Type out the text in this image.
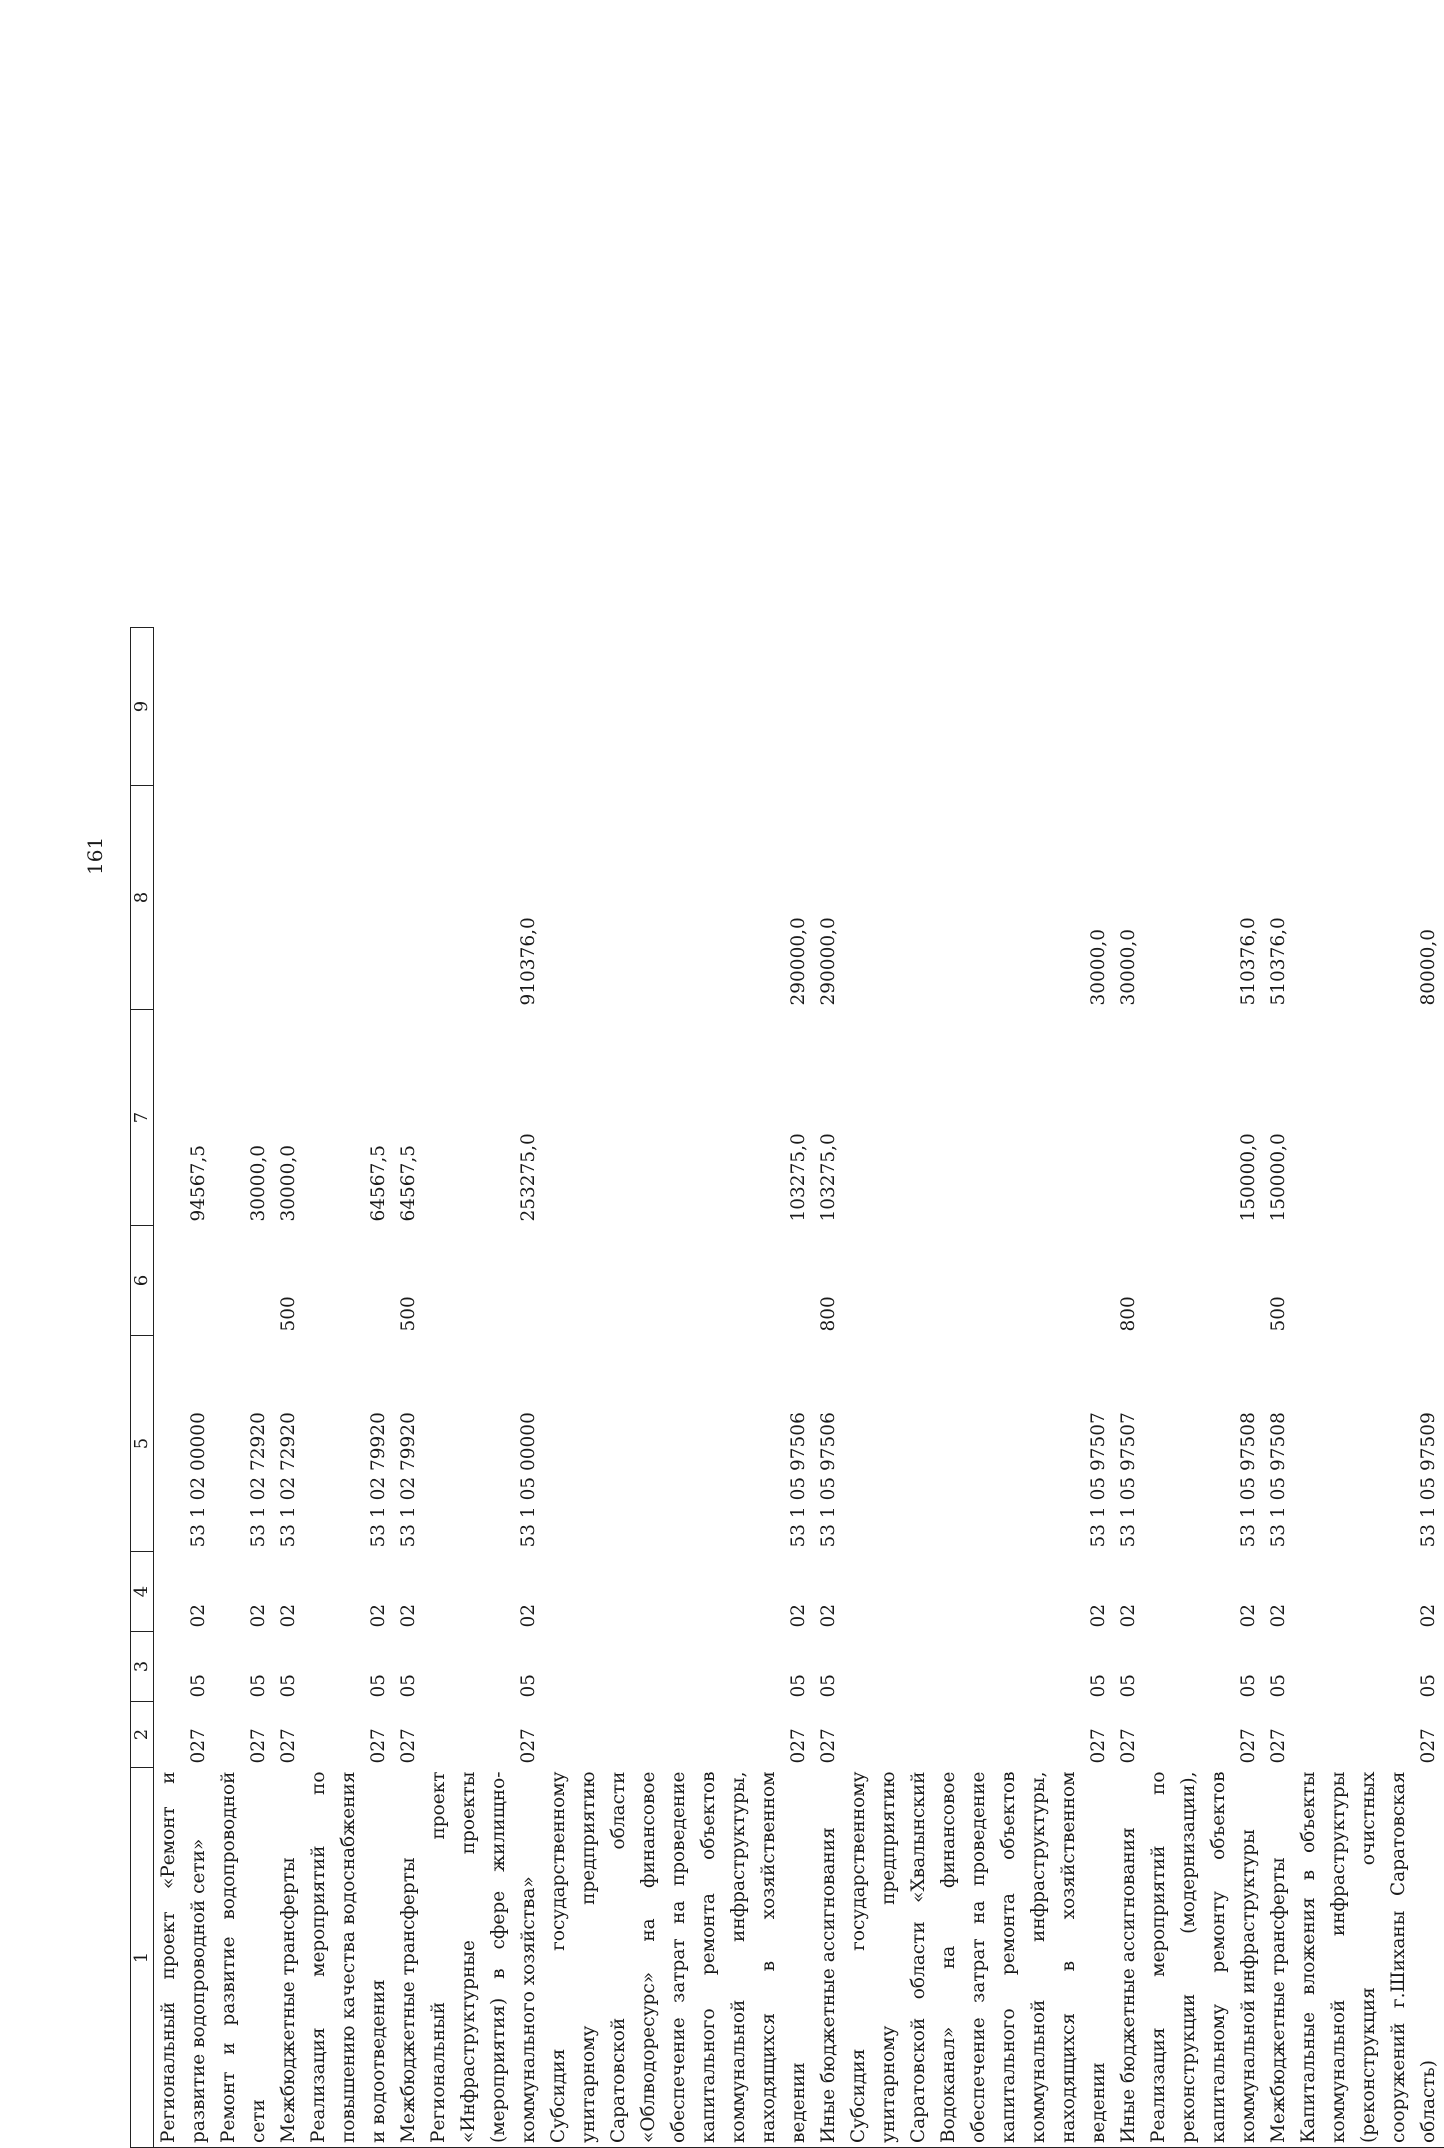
161
1	2	3	4	5	6	7	8	9
Региональный проект «Ремонт и развитие водопроводной сети»	027	05	02	53 1 02 00000		94567,5		
Ремонт и развитие водопроводной сети	027	05	02	53 1 02 72920		30000,0		
Межбюджетные трансферты	027	05	02	53 1 02 72920	500	30000,0		
Реализация мероприятий по повышению качества водоснабжения и водоотведения	027	05	02	53 1 02 79920		64567,5		
Межбюджетные трансферты	027	05	02	53 1 02 79920	500	64567,5		
Региональный проект «Инфраструктурные проекты (мероприятия) в сфере жилищно-коммунального хозяйства»	027	05	02	53 1 05 00000		253275,0	910376,0	
Субсидия государственному унитарному предприятию Саратовской области «Облводоресурс» на финансовое обеспечение затрат на проведение капитального ремонта объектов коммунальной инфраструктуры, находящихся в хозяйственном ведении	027	05	02	53 1 05 97506		103275,0	290000,0	
Иные бюджетные ассигнования	027	05	02	53 1 05 97506	800	103275,0	290000,0	
Субсидия государственному унитарному предприятию Саратовской области «Хвалынский Водоканал» на финансовое обеспечение затрат на проведение капитального ремонта объектов коммунальной инфраструктуры, находящихся в хозяйственном ведении	027	05	02	53 1 05 97507			30000,0	
Иные бюджетные ассигнования	027	05	02	53 1 05 97507	800		30000,0	
Реализация мероприятий по реконструкции (модернизации), капитальному ремонту объектов коммунальной инфраструктуры	027	05	02	53 1 05 97508		150000,0	510376,0	
Межбюджетные трансферты	027	05	02	53 1 05 97508	500	150000,0	510376,0	
Капитальные вложения в объекты коммунальной инфраструктуры (реконструкция очистных сооружений г.Шиханы Саратовская область)	027	05	02	53 1 05 97509			80000,0	
